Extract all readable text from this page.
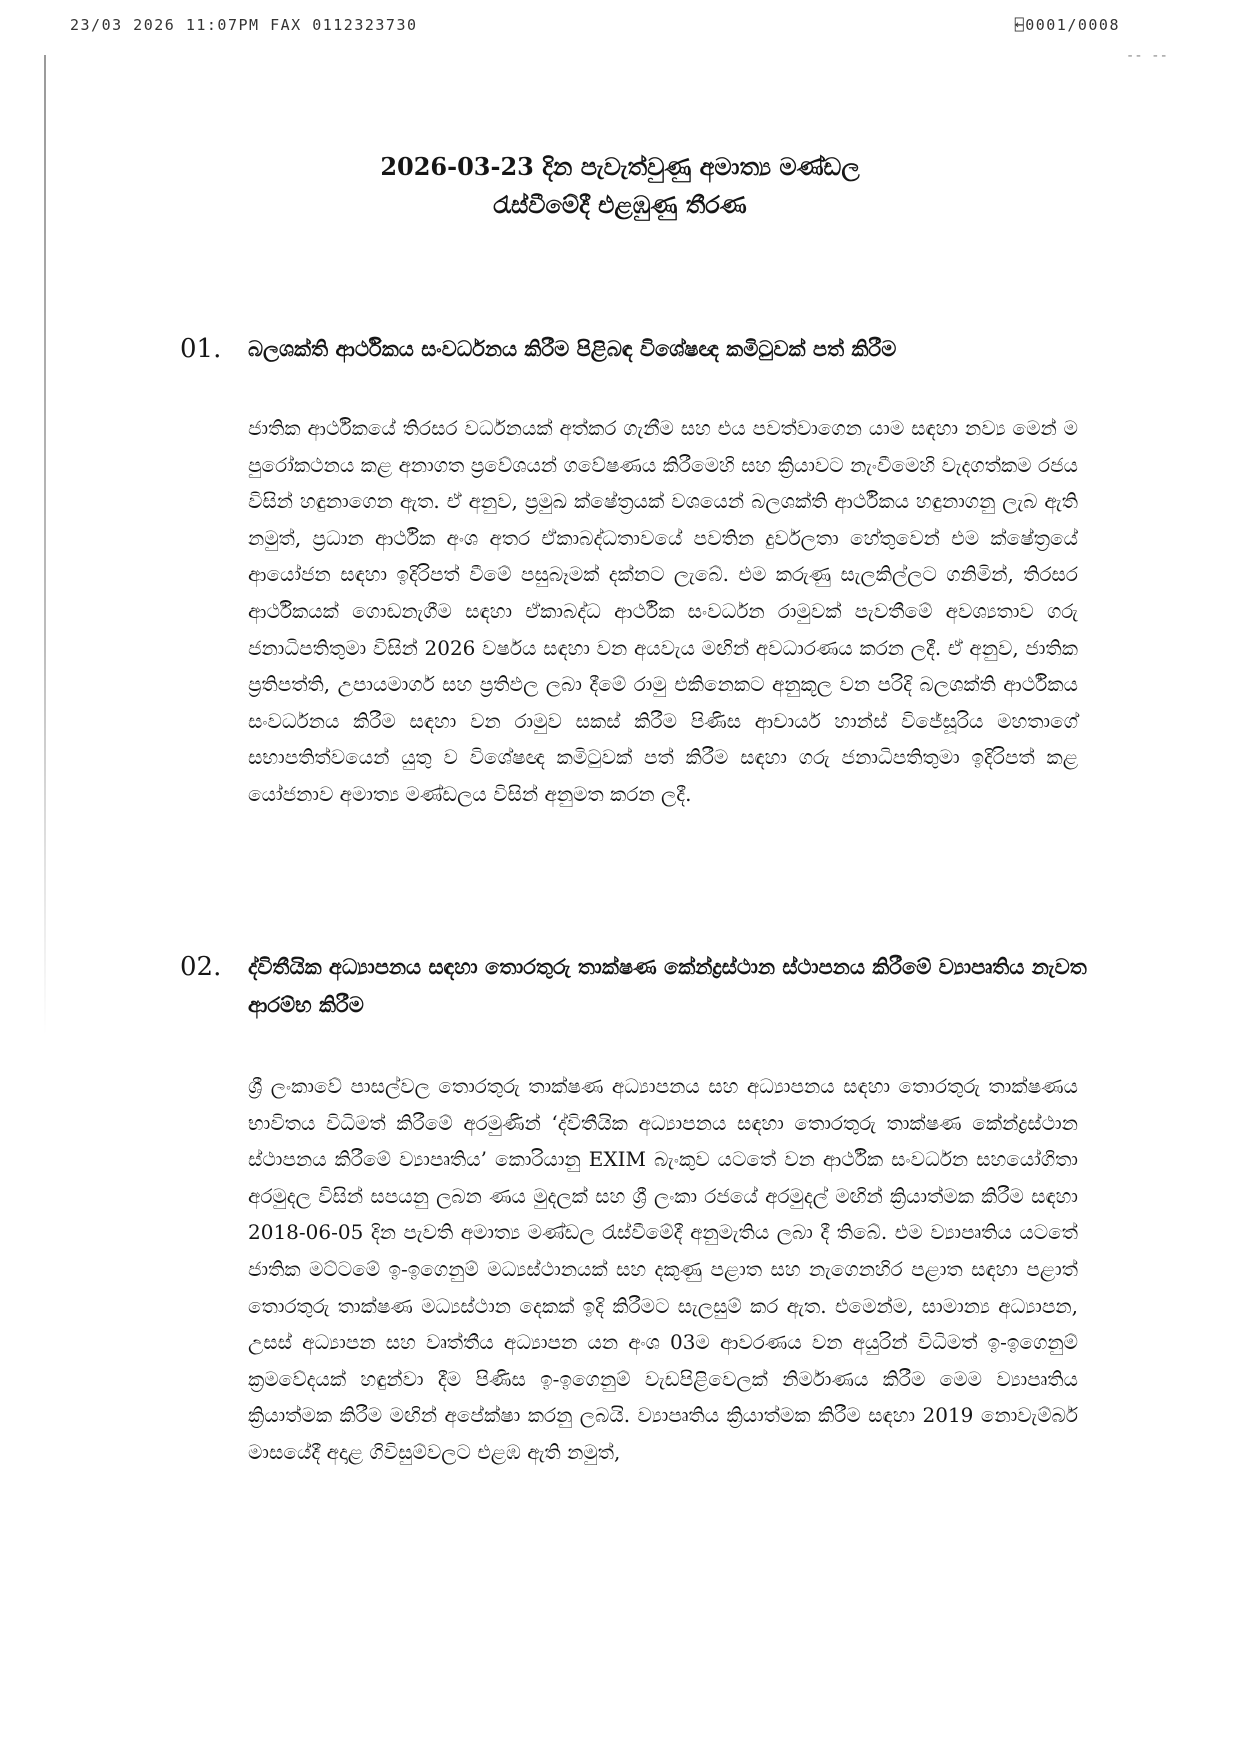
23/03 2026 11:07PM FAX 0112323730	⍇0001/0008
-- --
2026-03-23 දින පැවැත්වුණු අමාත්‍ය මණ්ඩල
රැස්වීමේදී එළඹුණු තීරණ
01. බලශක්ති ආර්ථිකය සංවර්ධනය කිරීම පිළිබඳ විශේෂඥ කමිටුවක් පත් කිරීම
ජාතික ආර්ථිකයේ තිරසර වර්ධනයක් අත්කර ගැනීම සහ එය පවත්වාගෙන යාම සඳහා නව්‍ය මෙන් ම පුරෝකථනය කළ අනාගත ප්‍රවේශයන් ගවේෂණය කිරීමෙහි සහ ක්‍රියාවට නැංවීමෙහි වැදගත්කම රජය විසින් හඳුනාගෙන ඇත. ඒ අනුව, ප්‍රමුඛ ක්ෂේත්‍රයක් වශයෙන් බලශක්ති ආර්ථිකය හඳුනාගනු ලැබ ඇති නමුත්, ප්‍රධාන ආර්ථික අංශ අතර ඒකාබද්ධතාවයේ පවතින දුර්වලතා හේතුවෙන් එම ක්ෂේත්‍රයේ ආයෝජන සඳහා ඉදිරිපත් වීමේ පසුබෑමක් දක්නට ලැබේ. එම කරුණු සැලකිල්ලට ගනිමින්, තිරසර ආර්ථිකයක් ගොඩනැගීම සඳහා ඒකාබද්ධ ආර්ථික සංවර්ධන රාමුවක් පැවතීමේ අවශ්‍යතාව ගරු ජනාධිපතිතුමා විසින් 2026 වර්ෂය සඳහා වන අයවැය මඟින් අවධාරණය කරන ලදී. ඒ අනුව, ජාතික ප්‍රතිපත්ති, උපායමාර්ග සහ ප්‍රතිඵල ලබා දීමේ රාමු එකිනෙකට අනුකූල වන පරිදි බලශක්ති ආර්ථිකය සංවර්ධනය කිරීම සඳහා වන රාමුව සකස් කිරීම පිණිස ආචාර්ය හාන්ස් විජේසූරිය මහතාගේ සභාපතිත්වයෙන් යුතු ව විශේෂඥ කමිටුවක් පත් කිරීම සඳහා ගරු ජනාධිපතිතුමා ඉදිරිපත් කළ යෝජනාව අමාත්‍ය මණ්ඩලය විසින් අනුමත කරන ලදී.
02. ද්විතීයික අධ්‍යාපනය සඳහා තොරතුරු තාක්ෂණ කේන්ද්‍රස්ථාන ස්ථාපනය කිරීමේ ව්‍යාපෘතිය නැවත ආරම්භ කිරීම
ශ්‍රී ලංකාවේ පාසල්වල තොරතුරු තාක්ෂණ අධ්‍යාපනය සහ අධ්‍යාපනය සඳහා තොරතුරු තාක්ෂණය භාවිතය විධිමත් කිරීමේ අරමුණින් ‘ද්විතීයික අධ්‍යාපනය සඳහා තොරතුරු තාක්ෂණ කේන්ද්‍රස්ථාන ස්ථාපනය කිරීමේ ව්‍යාපෘතිය’ කොරියානු EXIM බැංකුව යටතේ වන ආර්ථික සංවර්ධන සහයෝගිතා අරමුදල විසින් සපයනු ලබන ණය මුදලක් සහ ශ්‍රී ලංකා රජයේ අරමුදල් මඟින් ක්‍රියාත්මක කිරීම සඳහා 2018-06-05 දින පැවති අමාත්‍ය මණ්ඩල රැස්වීමේදී අනුමැතිය ලබා දී තිබේ. එම ව්‍යාපෘතිය යටතේ ජාතික මට්ටමේ ඉ-ඉගෙනුම් මධ්‍යස්ථානයක් සහ දකුණු පළාත සහ නැගෙනහිර පළාත සඳහා පළාත් තොරතුරු තාක්ෂණ මධ්‍යස්ථාන දෙකක් ඉදි කිරීමට සැලසුම් කර ඇත. එමෙන්ම, සාමාන්‍ය අධ්‍යාපන, උසස් අධ්‍යාපන සහ වෘත්තීය අධ්‍යාපන යන අංශ 03ම ආවරණය වන අයුරින් විධිමත් ඉ-ඉගෙනුම් ක්‍රමවේදයක් හඳුන්වා දීම පිණිස ඉ-ඉගෙනුම් වැඩපිළිවෙලක් නිර්මාණය කිරීම මෙම ව්‍යාපෘතිය ක්‍රියාත්මක කිරීම මඟින් අපේක්ෂා කරනු ලබයි. ව්‍යාපෘතිය ක්‍රියාත්මක කිරීම සඳහා 2019 නොවැම්බර් මාසයේදී අදාළ ගිවිසුම්වලට එළඹ ඇති නමුත්,
